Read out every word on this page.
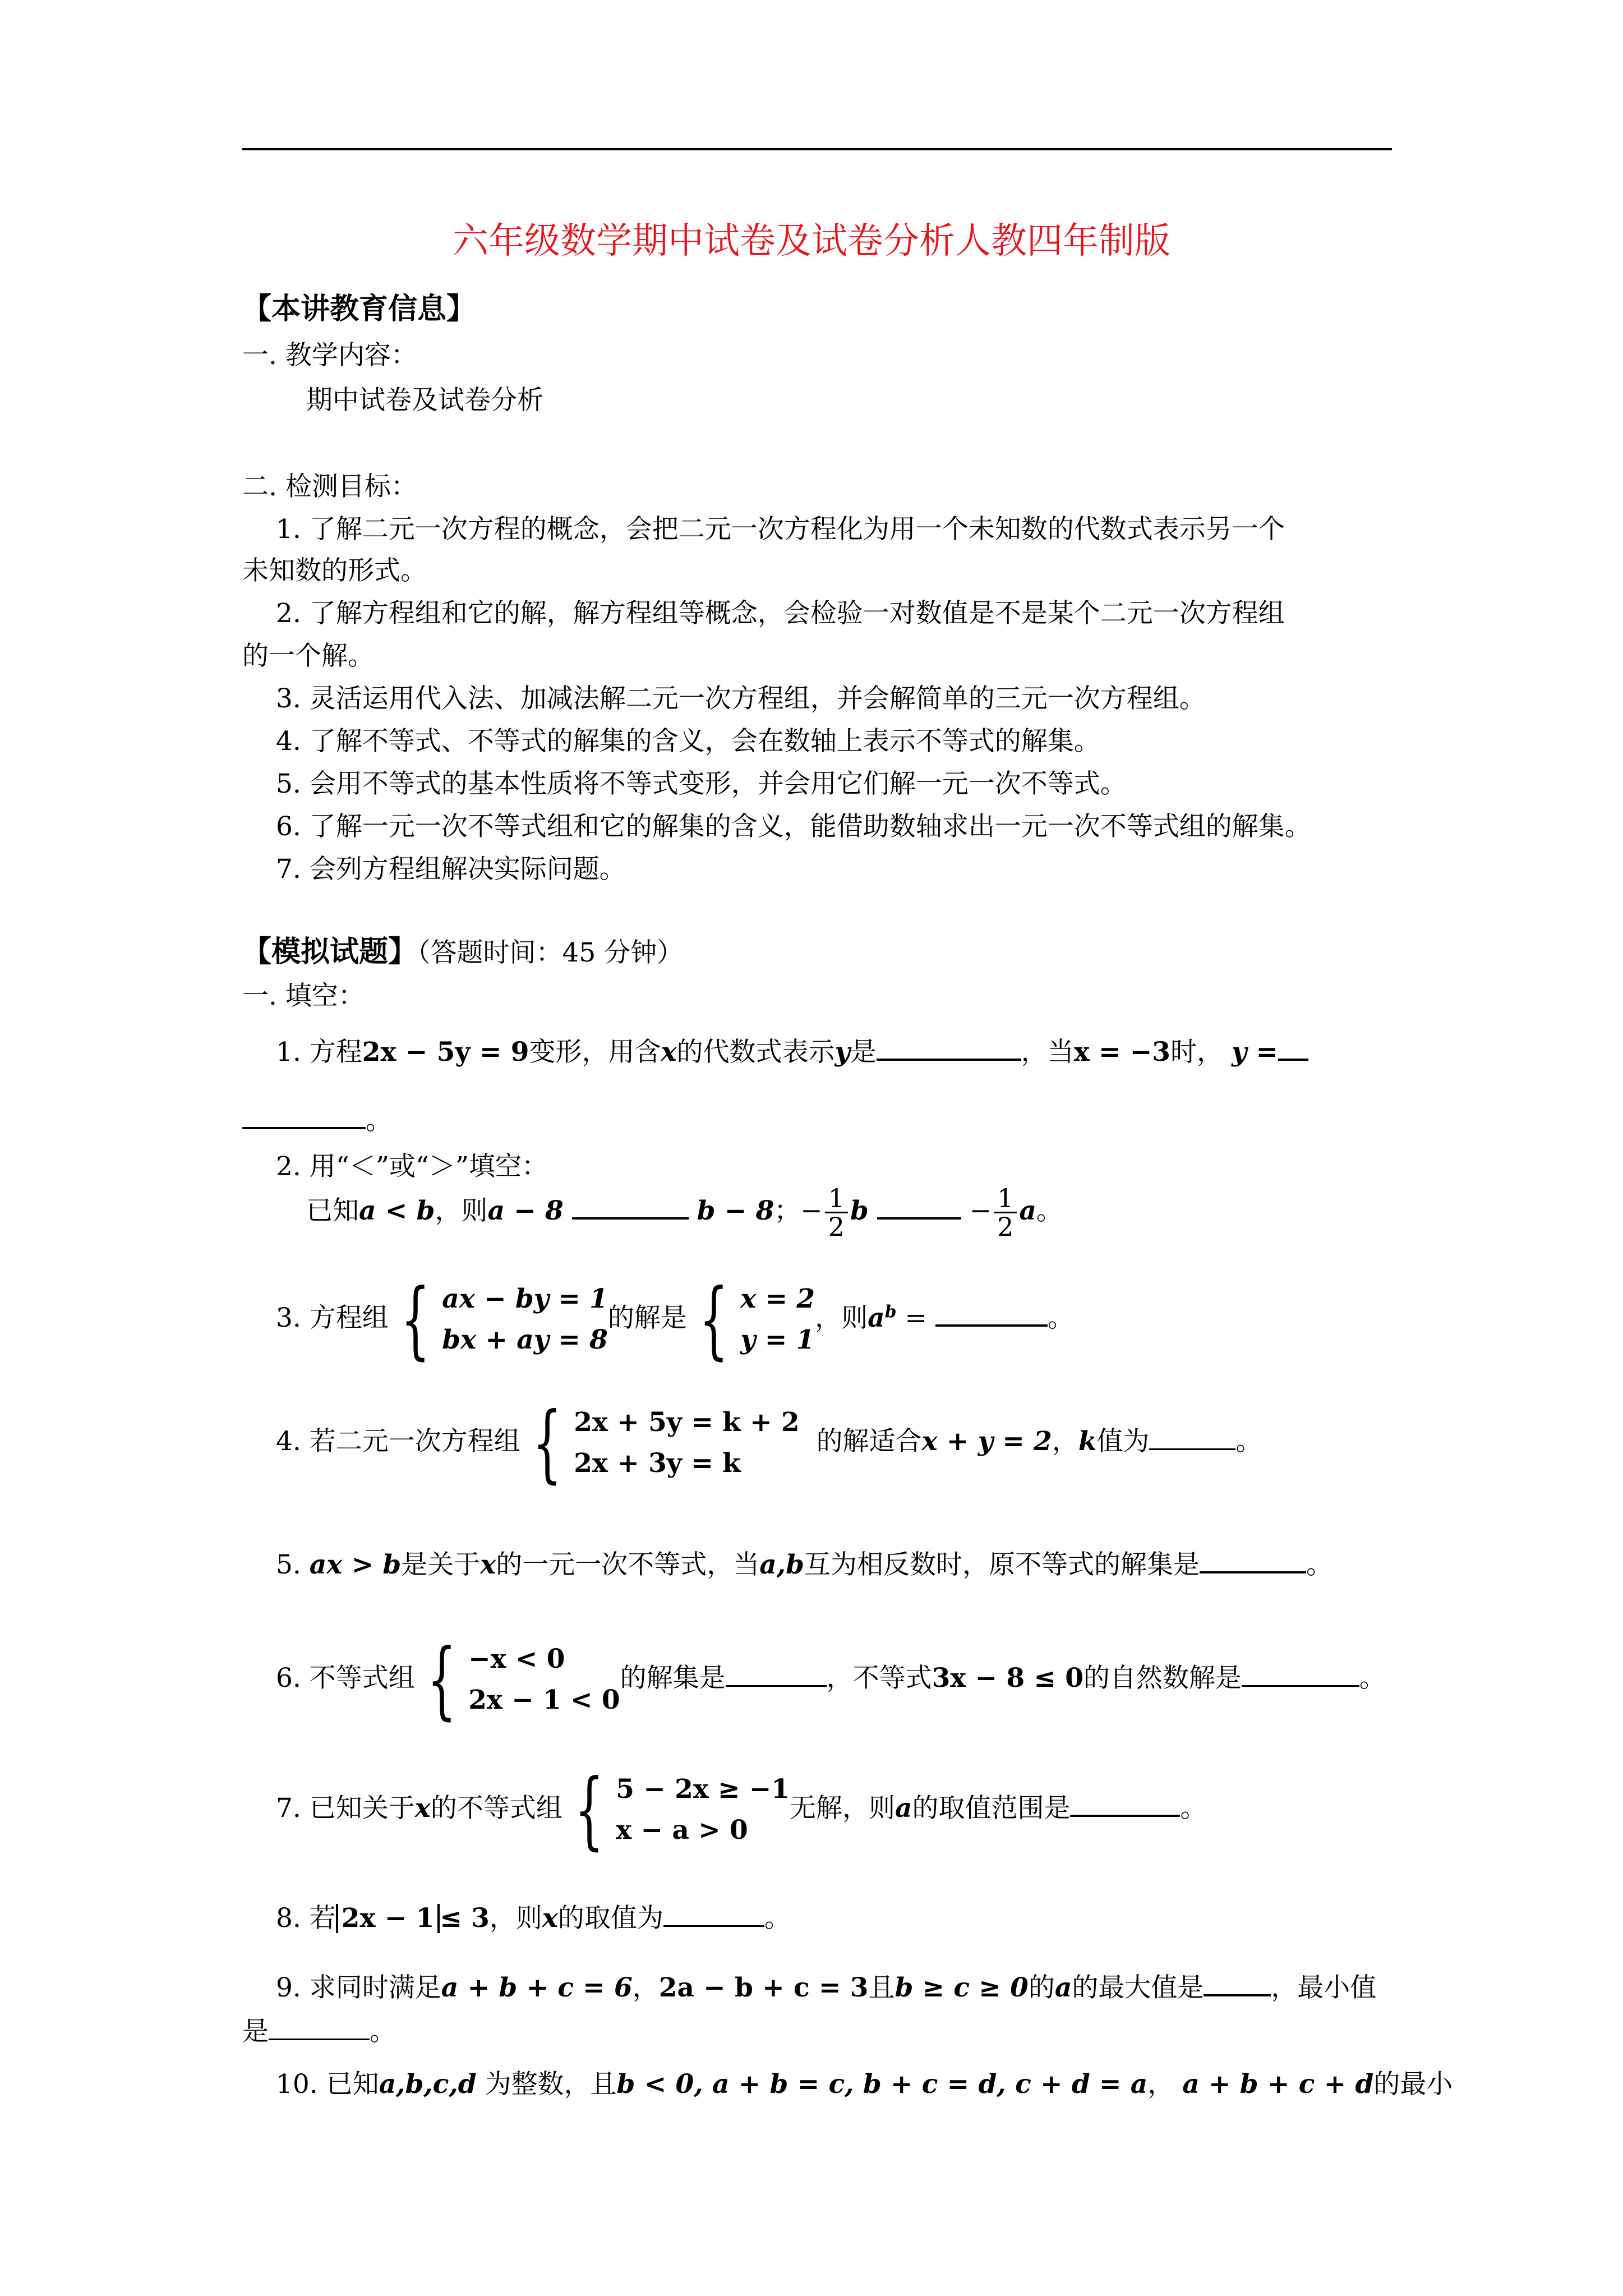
六年级数学期中试卷及试卷分析人教四年制版
【本讲教育信息】
一. 教学内容：
期中试卷及试卷分析
二. 检测目标：
1. 了解二元一次方程的概念，会把二元一次方程化为用一个未知数的代数式表示另一个
未知数的形式。
2. 了解方程组和它的解，解方程组等概念，会检验一对数值是不是某个二元一次方程组
的一个解。
3. 灵活运用代入法、加减法解二元一次方程组，并会解简单的三元一次方程组。
4. 了解不等式、不等式的解集的含义，会在数轴上表示不等式的解集。
5. 会用不等式的基本性质将不等式变形，并会用它们解一元一次不等式。
6. 了解一元一次不等式组和它的解集的含义，能借助数轴求出一元一次不等式组的解集。
7. 会列方程组解决实际问题。
【模拟试题】（答题时间：45 分钟）
一. 填空：
1. 方程2x − 5y = 9变形，用含x的代数式表示y是	，当x = −3时， y =
。
2. 用“＜”或“＞”填空：
已知a < b，则a − 8	b − 8；− $\frac{1}{2}$ b	− $\frac{1}{2}$ a。
3. 方程组 { ax − by = 1
bx + ay = 8
的解是 { x = 2
y = 1
，则$a^b$ =	。
4. 若二元一次方程组 { 2x + 5y = k + 2
2x + 3y = k
的解适合x + y = 2，k值为	。
5. ax > b是关于x的一元一次不等式，当a,b互为相反数时，原不等式的解集是	。
6. 不等式组 { −x < 0
2x − 1 < 0
的解集是	，不等式3x − 8 ≤ 0的自然数解是	。
7. 已知关于x的不等式组 { 5 − 2x ≥ −1
x − a > 0
无解，则a的取值范围是	。
8. 若 2x − 1 ≤ 3，则x的取值为	。
9. 求同时满足a + b + c = 6，2a − b + c = 3且b ≥ c ≥ 0的a的最大值是	，最小值
是	。
10. 已知a,b,c,d 为整数，且b < 0, a + b = c, b + c = d, c + d = a， a + b + c + d的最小
